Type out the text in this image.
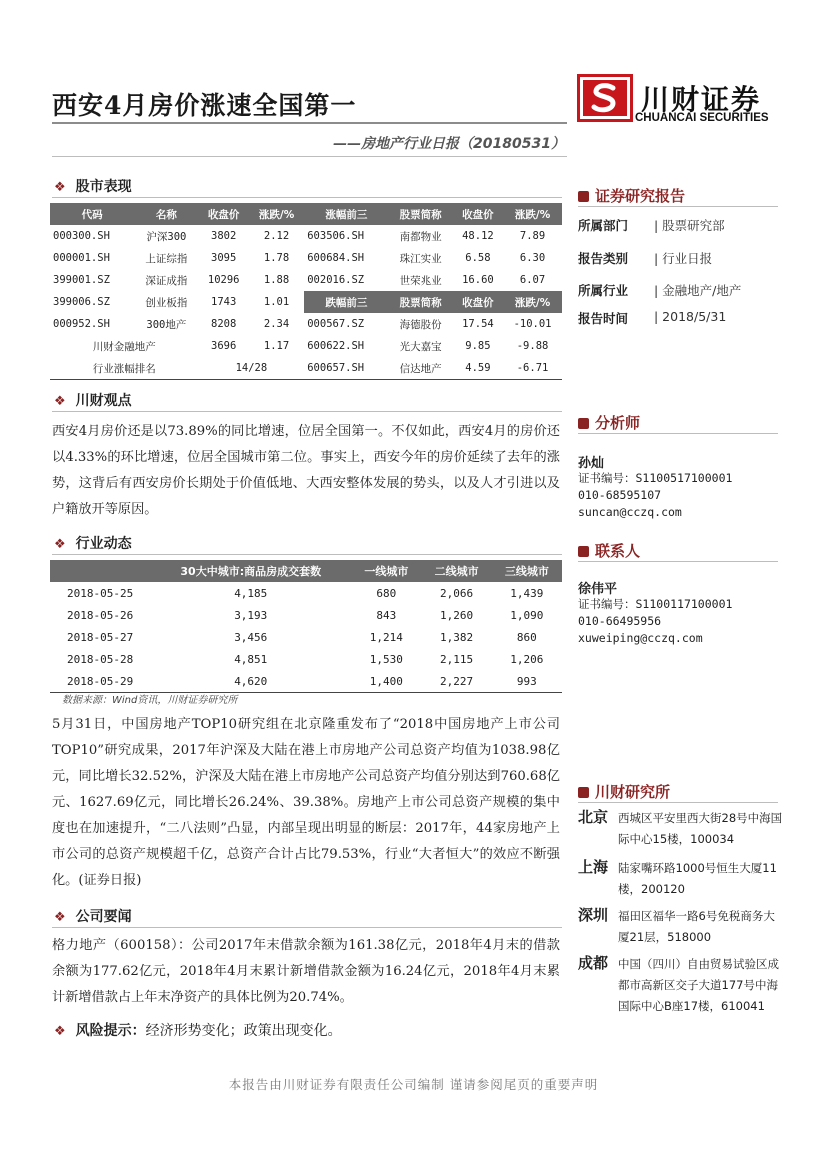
西安4月房价涨速全国第一
——房地产行业日报（20180531）
川财证券
CHUANCAI SECURITIES
❖ 股市表现
代码	名称	收盘价	涨跌/%	涨幅前三	股票简称	收盘价	涨跌/%
000300.SH	沪深300	3802	2.12	603506.SH	南都物业	48.12	7.89
000001.SH	上证综指	3095	1.78	600684.SH	珠江实业	6.58	6.30
399001.SZ	深证成指	10296	1.88	002016.SZ	世荣兆业	16.60	6.07
399006.SZ	创业板指	1743	1.01	跌幅前三	股票简称	收盘价	涨跌/%
000952.SH	300地产	8208	2.34	000567.SZ	海德股份	17.54	-10.01
川财金融地产		3696	1.17	600622.SH	光大嘉宝	9.85	-9.88
行业涨幅排名		14/28		600657.SH	信达地产	4.59	-6.71
❖ 川财观点
西安4月房价还是以73.89%的同比增速，位居全国第一。不仅如此，西安4月的房价还以4.33%的环比增速，位居全国城市第二位。事实上，西安今年的房价延续了去年的涨势，这背后有西安房价长期处于价值低地、大西安整体发展的势头，以及人才引进以及户籍放开等原因。
❖ 行业动态
	30大中城市:商品房成交套数	一线城市	二线城市	三线城市
2018-05-25	4,185	680	2,066	1,439
2018-05-26	3,193	843	1,260	1,090
2018-05-27	3,456	1,214	1,382	860
2018-05-28	4,851	1,530	2,115	1,206
2018-05-29	4,620	1,400	2,227	993
数据来源：Wind资讯，川财证券研究所
5月31日，中国房地产TOP10研究组在北京隆重发布了“2018中国房地产上市公司TOP10”研究成果，2017年沪深及大陆在港上市房地产公司总资产均值为1038.98亿元，同比增长32.52%，沪深及大陆在港上市房地产公司总资产均值分别达到760.68亿元、1627.69亿元，同比增长26.24%、39.38%。房地产上市公司总资产规模的集中度也在加速提升，“二八法则”凸显，内部呈现出明显的断层：2017年，44家房地产上市公司的总资产规模超千亿，总资产合计占比79.53%，行业“大者恒大”的效应不断强化。(证券日报)
❖ 公司要闻
格力地产（600158）：公司2017年末借款余额为161.38亿元，2018年4月末的借款余额为177.62亿元，2018年4月末累计新增借款金额为16.24亿元，2018年4月末累计新增借款占上年末净资产的具体比例为20.74%。
❖ 风险提示：经济形势变化；政策出现变化。
证券研究报告
所属部门 | 股票研究部
报告类别 | 行业日报
所属行业 | 金融地产/地产
报告时间 | 2018/5/31
分析师
孙灿
证书编号：S1100517100001
010-68595107
suncan@cczq.com
联系人
徐伟平
证书编号：S1100117100001
010-66495956
xuweiping@cczq.com
川财研究所
北京 西城区平安里西大街28号中海国际中心15楼，100034
上海 陆家嘴环路1000号恒生大厦11楼，200120
深圳 福田区福华一路6号免税商务大厦21层，518000
成都 中国（四川）自由贸易试验区成都市高新区交子大道177号中海国际中心B座17楼，610041
本报告由川财证券有限责任公司编制 谨请参阅尾页的重要声明
